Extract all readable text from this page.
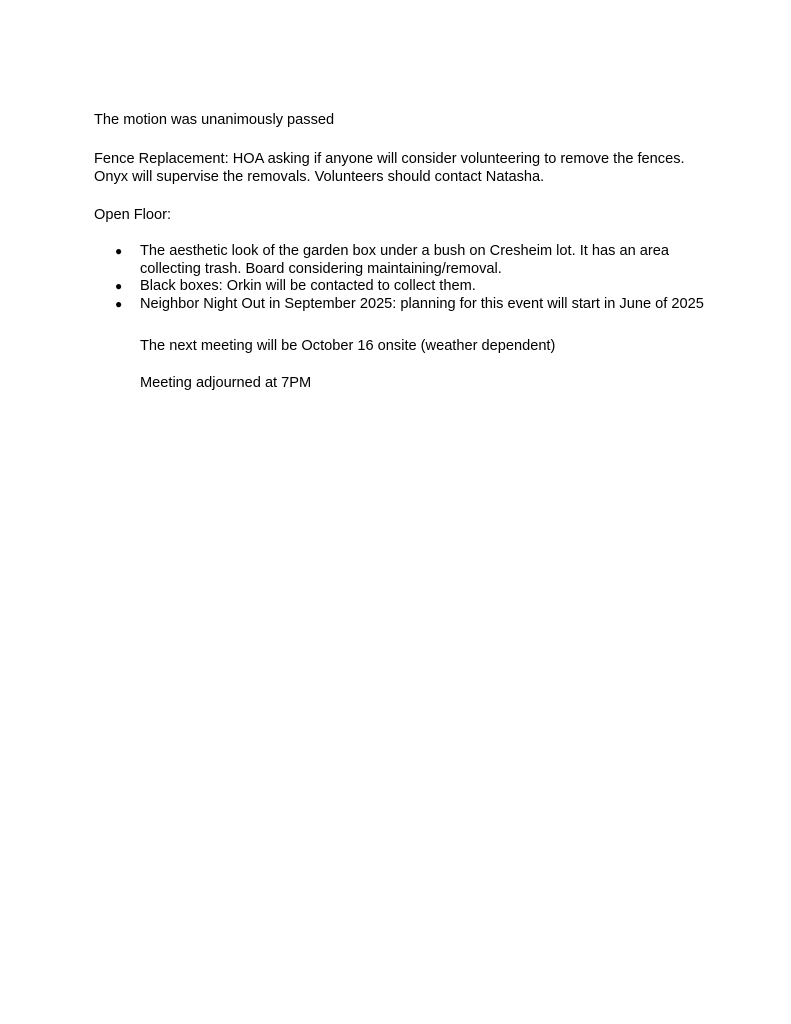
The motion was unanimously passed
Fence Replacement: HOA asking if anyone will consider volunteering to remove the fences.
Onyx will supervise the removals. Volunteers should contact Natasha.
Open Floor:
● The aesthetic look of the garden box under a bush on Cresheim lot. It has an area
collecting trash. Board considering maintaining/removal.
● Black boxes: Orkin will be contacted to collect them.
● Neighbor Night Out in September 2025: planning for this event will start in June of 2025
The next meeting will be October 16 onsite (weather dependent)
Meeting adjourned at 7PM
